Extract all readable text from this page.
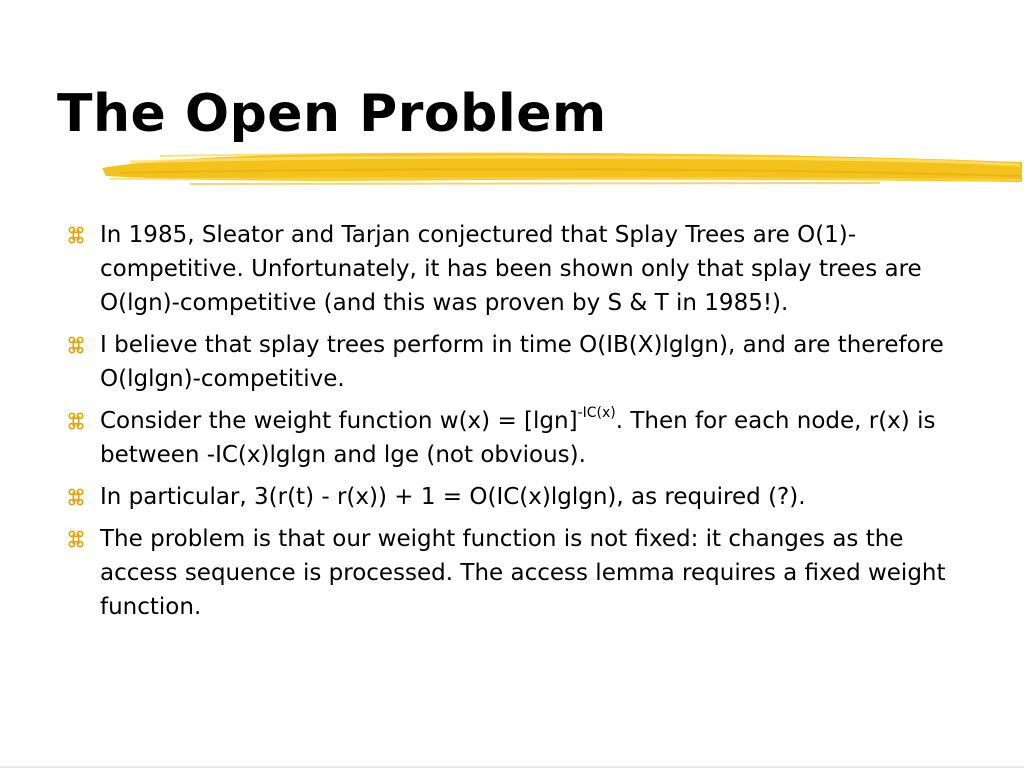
The Open Problem
In 1985, Sleator and Tarjan conjectured that Splay Trees are O(1)-competitive. Unfortunately, it has been shown only that splay trees are O(lgn)-competitive (and this was proven by S & T in 1985!).
I believe that splay trees perform in time O(IB(X)lglgn), and are therefore O(lglgn)-competitive.
Consider the weight function $w(x) = [\lg n]^{-IC(x)}$. Then for each node, r(x) is between -IC(x)lglgn and lge (not obvious).
In particular, 3(r(t) - r(x)) + 1 = O(IC(x)lglgn), as required (?).
The problem is that our weight function is not fixed: it changes as the access sequence is processed. The access lemma requires a fixed weight function.
